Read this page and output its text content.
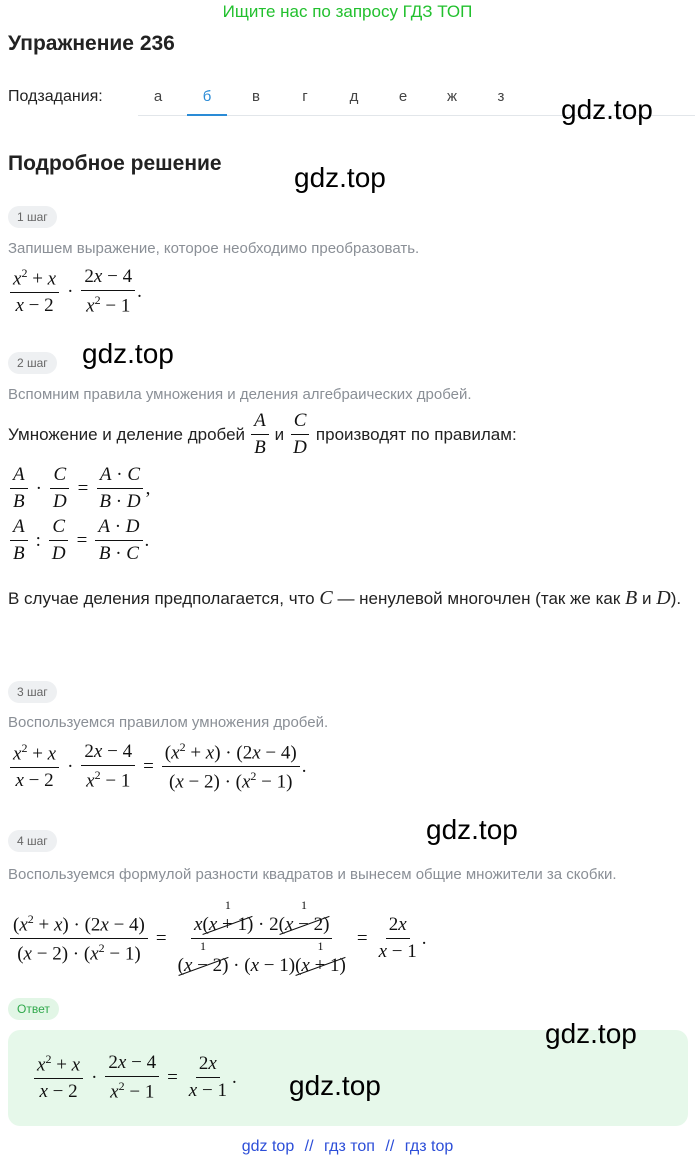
Ищите нас по запросу ГДЗ ТОП
Упражнение 236
Подзадания:	а	б	в	г	д	е	ж	з	gdz.top
Подробное решение	gdz.top
1 шаг
Запишем выражение, которое необходимо преобразовать.
$\frac{x^2 + x}{x - 2} \cdot \frac{2x - 4}{x^2 - 1}$ .
2 шаг	gdz.top
Вспомним правила умножения и деления алгебраических дробей.
Умножение и деление дробей $\frac{A}{B}$ и $\frac{C}{D}$ производят по правилам:
$\frac{A}{B} \cdot \frac{C}{D} = \frac{A \cdot C}{B \cdot D}$ ,
$\frac{A}{B}$ : $\frac{C}{D} = \frac{A \cdot D}{B \cdot C}$ .
В случае деления предполагается, что C — ненулевой многочлен (так же как B и D).
3 шаг
Воспользуемся правилом умножения дробей.
$\frac{x^2 + x}{x - 2} \cdot \frac{2x - 4}{x^2 - 1} = \frac{(x^2 + x) \cdot (2x - 4)}{(x - 2) \cdot (x^2 - 1)}$ .
gdz.top
4 шаг
Воспользуемся формулой разности квадратов и вынесем общие множители за скобки.
$\frac{(x^2 + x) \cdot (2x - 4)}{(x - 2) \cdot (x^2 - 1)} = x(x + 1)$
1
· 2(x − 2)
1
(x − 2)
1
· (x − 1)(x + 1)
$1 = \frac{2x}{x - 1}$ .
Ответ
gdz.top
$\frac{x^2 + x}{x - 2} \cdot \frac{2x - 4}{x^2 - 1} = \frac{2x}{x - 1}$ . gdz.top
gdz top // гдз топ // гдз top
